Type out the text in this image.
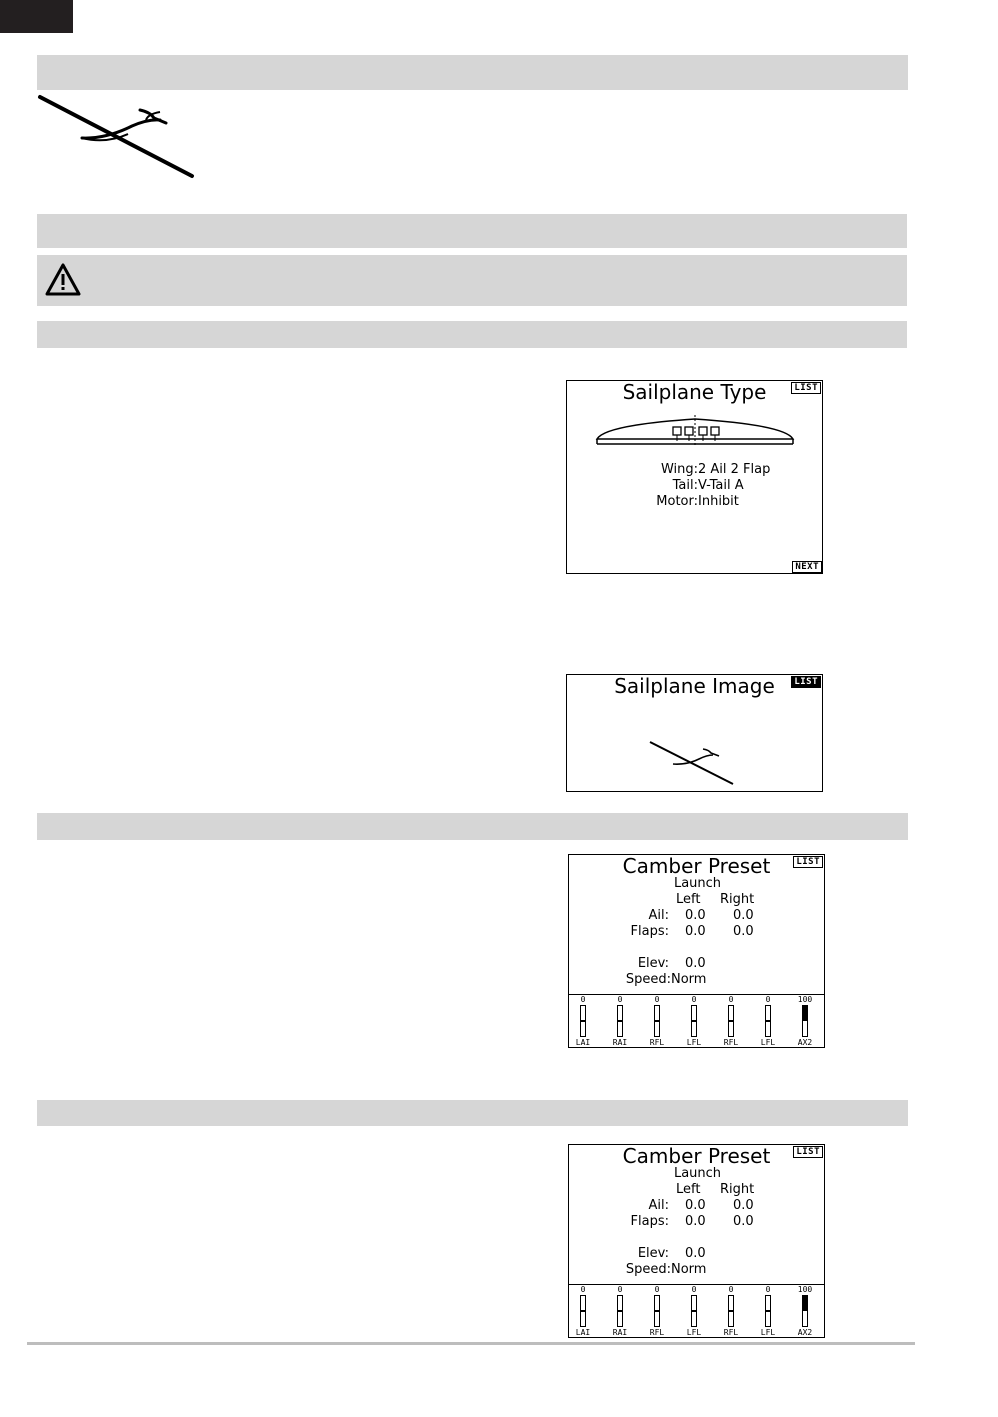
Sailplane Type	LIST
Wing:2 Ail 2 Flap
Tail:V-Tail A
Motor:Inhibit
NEXT
Sailplane Image	LIST
Camber Preset	LIST
Launch
Left Right
Ail: 0.0 0.0
Flaps: 0.0 0.0
Elev: 0.0
Speed: Norm
0
LAI
0
RAI
0
RFL
0
LFL
0
RFL
0
LFL
100
AX2
Camber Preset	LIST
Launch
Left Right
Ail: 0.0 0.0
Flaps: 0.0 0.0
Elev: 0.0
Speed: Norm
0
LAI
0
RAI
0
RFL
0
LFL
0
RFL
0
LFL
100
AX2
